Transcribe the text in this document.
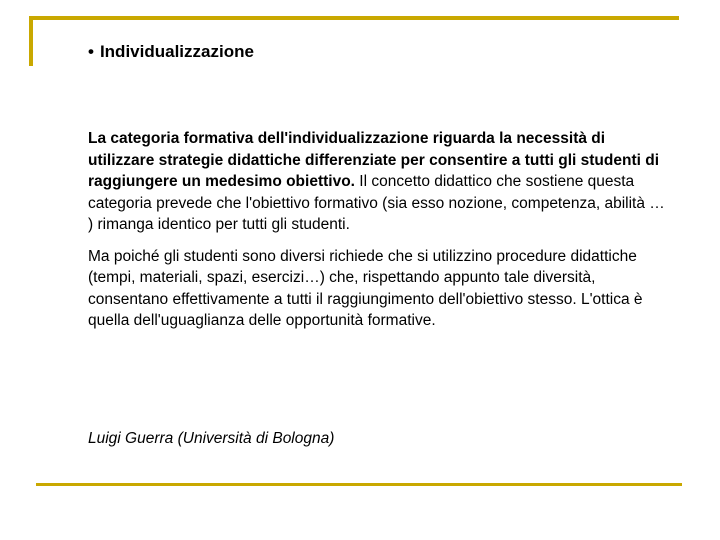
• Individualizzazione

La categoria formativa dell'individualizzazione riguarda la necessità di utilizzare strategie didattiche differenziate per consentire a tutti gli studenti di raggiungere un medesimo obiettivo. Il concetto didattico che sostiene questa categoria prevede che l'obiettivo formativo (sia esso nozione, competenza, abilità … ) rimanga identico per tutti gli studenti.

Ma poiché gli studenti sono diversi richiede che si utilizzino procedure didattiche (tempi, materiali, spazi, esercizi…) che, rispettando appunto tale diversità, consentano effettivamente a tutti il raggiungimento dell'obiettivo stesso. L'ottica è quella dell'uguaglianza delle opportunità formative.

Luigi Guerra (Università di Bologna)
